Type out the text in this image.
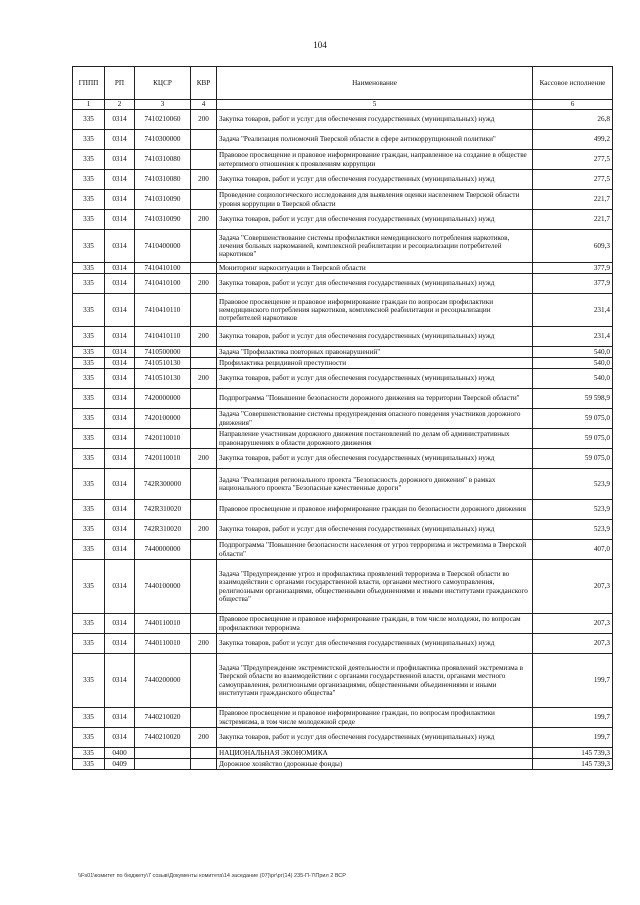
104
ГППП	РП	КЦСР	КВР	Наименование	Кассовое исполнение
1	2	3	4	5	6
335	0314	7410210060	200	Закупка товаров, работ и услуг для обеспечения государственных (муниципальных) нужд	26,8
335	0314	7410300000		Задача "Реализация полномочий Тверской области в сфере антикоррупционной политики"	499,2
335	0314	7410310080		Правовое просвещение и правовое информирование граждан, направленное на создание в обществе нетерпимого отношения к проявлениям коррупции	277,5
335	0314	7410310080	200	Закупка товаров, работ и услуг для обеспечения государственных (муниципальных) нужд	277,5
335	0314	7410310090		Проведение социологического исследования для выявления оценки населением Тверской области уровня коррупции в Тверской области	221,7
335	0314	7410310090	200	Закупка товаров, работ и услуг для обеспечения государственных (муниципальных) нужд	221,7
335	0314	7410400000		Задача "Совершенствование системы профилактики немедицинского потребления наркотиков, лечения больных наркоманией, комплексной реабилитации и ресоциализации потребителей наркотиков"	609,3
335	0314	7410410100		Мониторинг наркоситуации в Тверской области	377,9
335	0314	7410410100	200	Закупка товаров, работ и услуг для обеспечения государственных (муниципальных) нужд	377,9
335	0314	7410410110		Правовое просвещение и правовое информирование граждан по вопросам профилактики немедицинского потребления наркотиков, комплексной реабилитации и ресоциализации потребителей наркотиков	231,4
335	0314	7410410110	200	Закупка товаров, работ и услуг для обеспечения государственных (муниципальных) нужд	231,4
335	0314	7410500000		Задача "Профилактика повторных правонарушений"	540,0
335	0314	7410510130		Профилактика рецидивной преступности	540,0
335	0314	7410510130	200	Закупка товаров, работ и услуг для обеспечения государственных (муниципальных) нужд	540,0
335	0314	7420000000		Подпрограмма "Повышение безопасности дорожного движения на территории Тверской области"	59 598,9
335	0314	7420100000		Задача "Совершенствование системы предупреждения опасного поведения участников дорожного движения"	59 075,0
335	0314	7420110010		Направление участникам дорожного движения постановлений по делам об административных правонарушениях в области дорожного движения	59 075,0
335	0314	7420110010	200	Закупка товаров, работ и услуг для обеспечения государственных (муниципальных) нужд	59 075,0
335	0314	742R300000		Задача "Реализация регионального проекта "Безопасность дорожного движения" в рамках национального проекта "Безопасные качественные дороги"	523,9
335	0314	742R310020		Правовое просвещение и правовое информирование граждан по безопасности дорожного движения	523,9
335	0314	742R310020	200	Закупка товаров, работ и услуг для обеспечения государственных (муниципальных) нужд	523,9
335	0314	7440000000		Подпрограмма "Повышение безопасности населения от угроз терроризма и экстремизма в Тверской области"	407,0
335	0314	7440100000		Задача "Предупреждение угроз и профилактика проявлений терроризма в Тверской области во взаимодействии с органами государственной власти, органами местного самоуправления, религиозными организациями, общественными объединениями и иными институтами гражданского общества"	207,3
335	0314	7440110010		Правовое просвещение и правовое информирование граждан, в том числе молодежи, по вопросам профилактики терроризма	207,3
335	0314	7440110010	200	Закупка товаров, работ и услуг для обеспечения государственных (муниципальных) нужд	207,3
335	0314	7440200000		Задача "Предупреждение экстремистской деятельности и профилактика проявлений экстремизма в Тверской области во взаимодействии с органами государственной власти, органами местного самоуправления, религиозными организациями, общественными объединениями и иными институтами гражданского общества"	199,7
335	0314	7440210020		Правовое просвещение и правовое информирование граждан, по вопросам профилактики экстремизма, в том числе молодежной среде	199,7
335	0314	7440210020	200	Закупка товаров, работ и услуг для обеспечения государственных (муниципальных) нужд	199,7
335	0400			НАЦИОНАЛЬНАЯ ЭКОНОМИКА	145 739,3
335	0409			Дорожное хозяйство (дорожные фонды)	145 739,3
\\Fs01\комитет по бюджету\7 созыв\Документы комитета\14 заседание (07)\рг\рг(14) 235-П-7\Прил 2 ВСР
